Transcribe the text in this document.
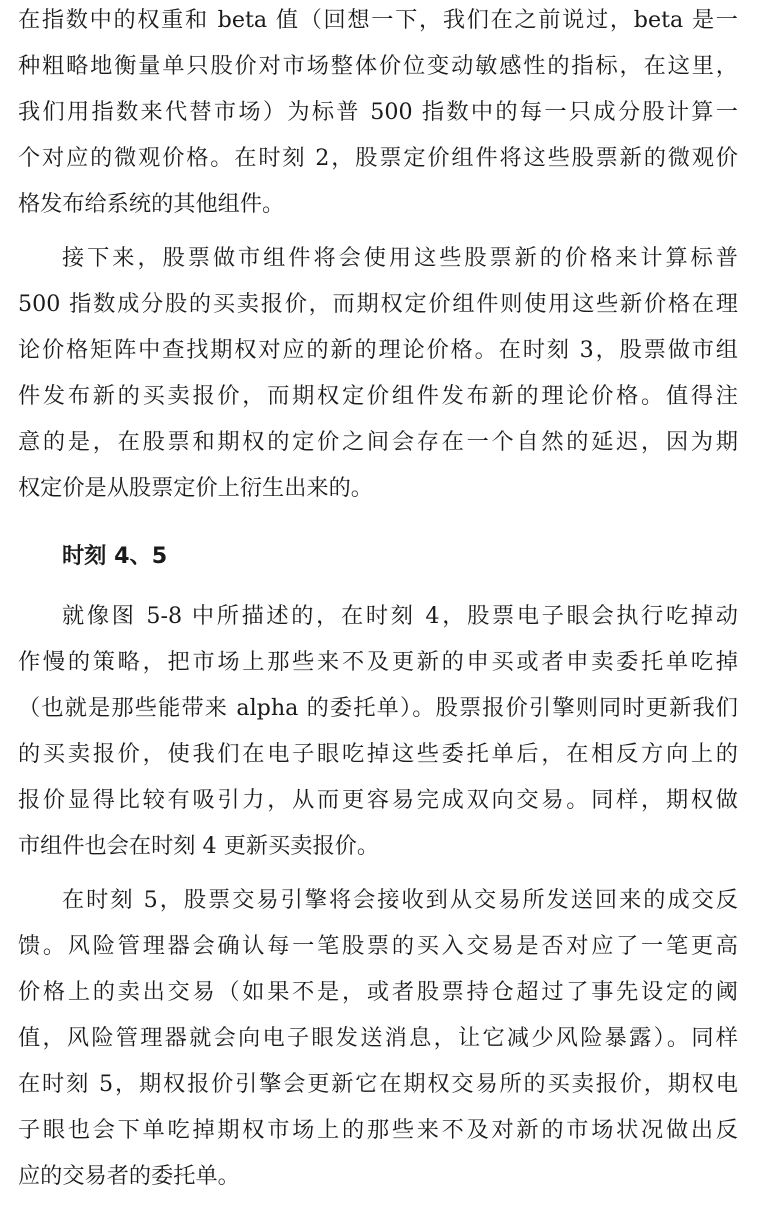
在指数中的权重和 beta 值（回想一下，我们在之前说过，beta 是一
种粗略地衡量单只股价对市场整体价位变动敏感性的指标，在这里，
我们用指数来代替市场）为标普 500 指数中的每一只成分股计算一
个对应的微观价格。在时刻 2，股票定价组件将这些股票新的微观价
格发布给系统的其他组件。
接下来，股票做市组件将会使用这些股票新的价格来计算标普
500 指数成分股的买卖报价，而期权定价组件则使用这些新价格在理
论价格矩阵中查找期权对应的新的理论价格。在时刻 3，股票做市组
件发布新的买卖报价，而期权定价组件发布新的理论价格。值得注
意的是，在股票和期权的定价之间会存在一个自然的延迟，因为期
权定价是从股票定价上衍生出来的。
时刻 4、5
就像图 5-8 中所描述的，在时刻 4，股票电子眼会执行吃掉动
作慢的策略，把市场上那些来不及更新的申买或者申卖委托单吃掉
（也就是那些能带来 alpha 的委托单）。股票报价引擎则同时更新我们
的买卖报价，使我们在电子眼吃掉这些委托单后，在相反方向上的
报价显得比较有吸引力，从而更容易完成双向交易。同样，期权做
市组件也会在时刻 4 更新买卖报价。
在时刻 5，股票交易引擎将会接收到从交易所发送回来的成交反
馈。风险管理器会确认每一笔股票的买入交易是否对应了一笔更高
价格上的卖出交易（如果不是，或者股票持仓超过了事先设定的阈
值，风险管理器就会向电子眼发送消息，让它减少风险暴露）。同样
在时刻 5，期权报价引擎会更新它在期权交易所的买卖报价，期权电
子眼也会下单吃掉期权市场上的那些来不及对新的市场状况做出反
应的交易者的委托单。
